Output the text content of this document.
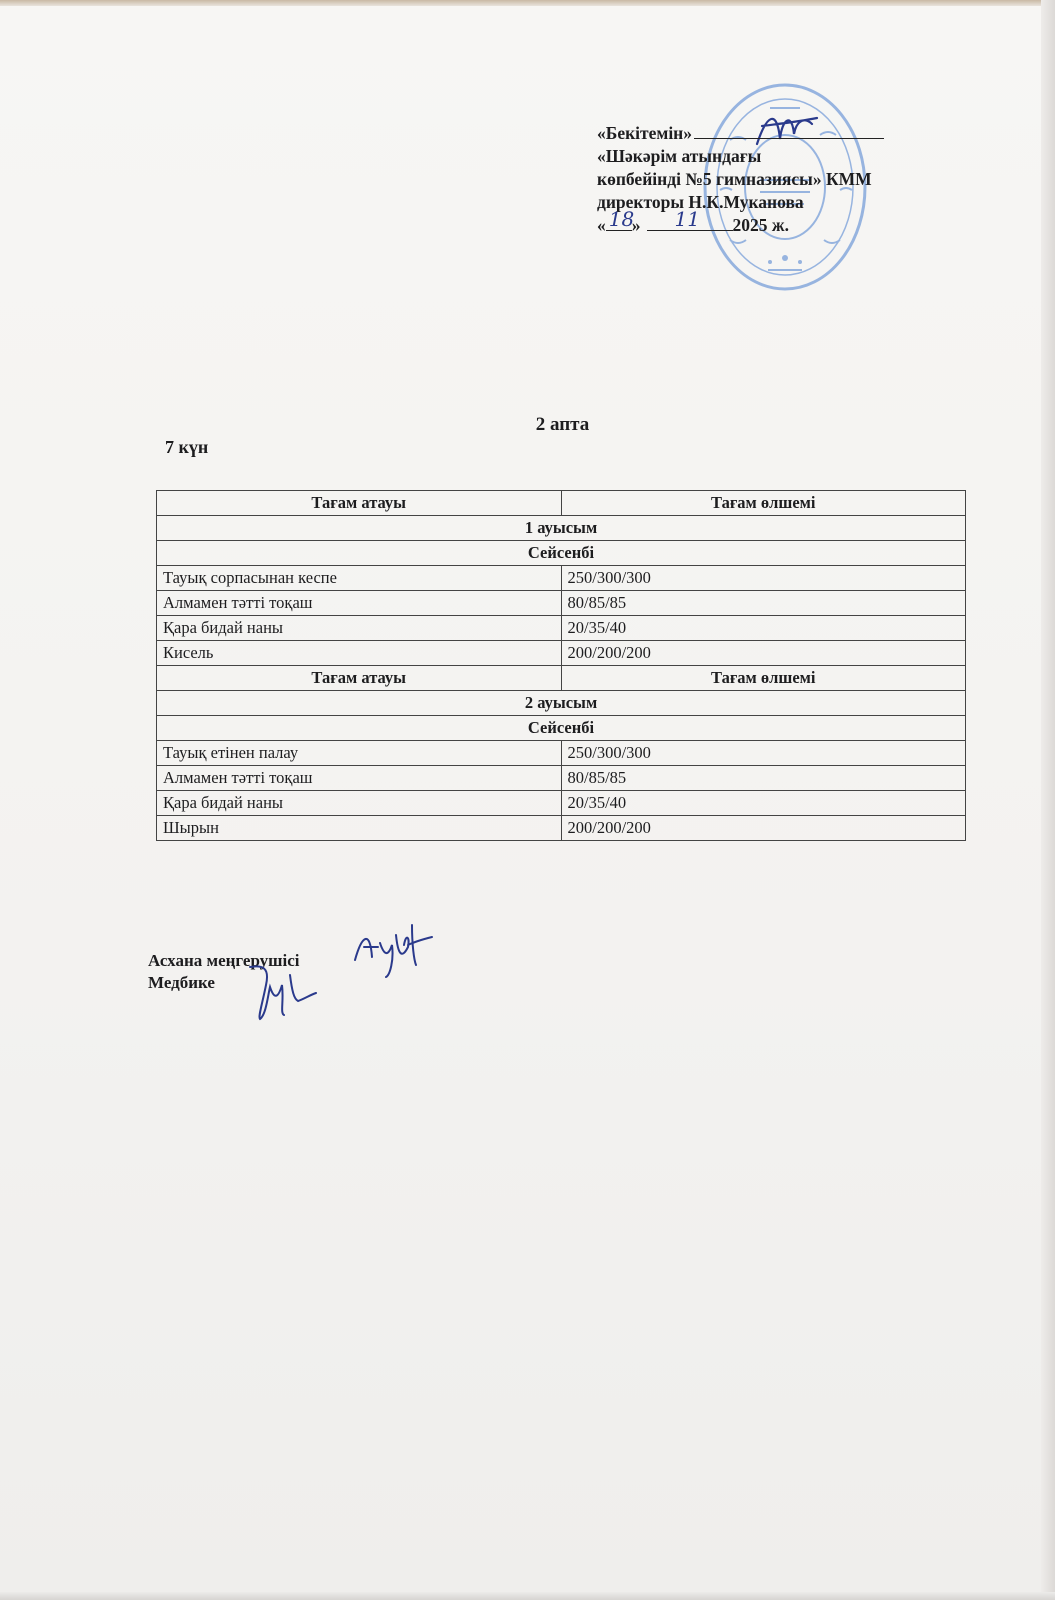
«Бекітемін»
«Шәкәрім атындағы
көпбейінді №5 гимназиясы» КММ
директоры Н.К.Муканова
« 18
» 11 2025 ж.
2 апта
7 күн
Тағам атауы	Тағам өлшемі
1 ауысым	
Сейсенбі	
Тауық сорпасынан кеспе	250/300/300
Алмамен тәтті тоқаш	80/85/85
Қара бидай наны	20/35/40
Кисель	200/200/200
Тағам атауы	Тағам өлшемі
2 ауысым	
Сейсенбі	
Тауық етінен палау	250/300/300
Алмамен тәтті тоқаш	80/85/85
Қара бидай наны	20/35/40
Шырын	200/200/200
Асхана меңгерушісі
Медбике
